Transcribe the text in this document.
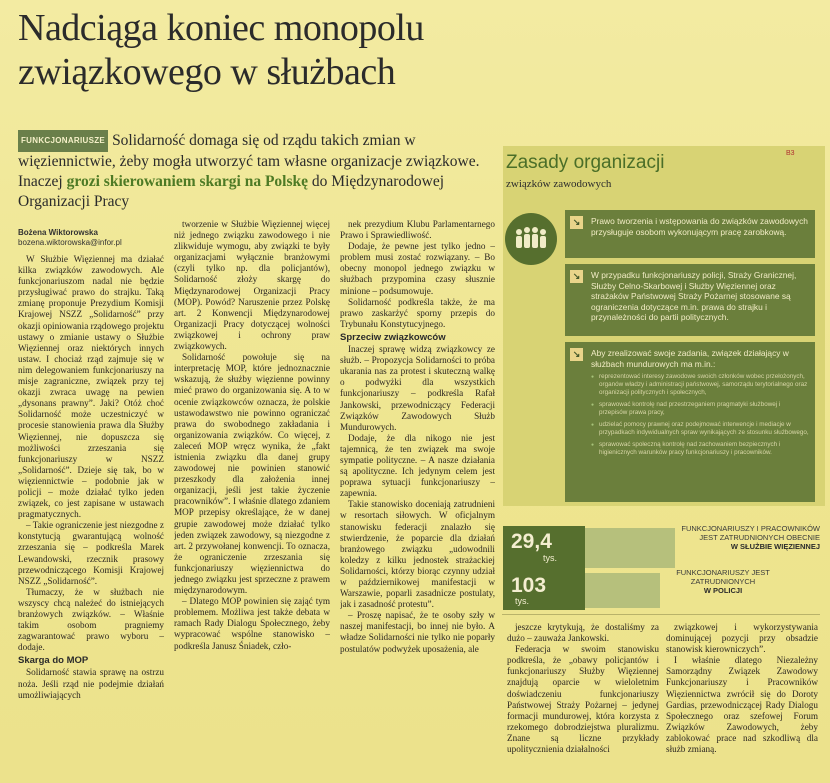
Nadciąga koniec monopolu

związkowego w służbach
FUNKCJONARIUSZE Solidarność domaga się od rządu takich zmian w więziennictwie, żeby mogła utworzyć tam własne organizacje związkowe. Inaczej grozi skierowaniem skargi na Polskę do Międzynarodowej Organizacji Pracy
Bożena Wiktorowska
bozena.wiktorowska@infor.pl

W Służbie Więziennej ma działać kilka związków zawodowych. Ale funkcjonariuszom nadal nie będzie przysługiwać prawo do strajku. Taką zmianę proponuje Prezydium Komisji Krajowej NSZZ „Solidarność” przy okazji opiniowania rządowego projektu ustawy o zmianie ustawy o Służbie Więziennej oraz niektórych innych ustaw. I chociaż rząd zajmuje się w nim delegowaniem funkcjonariuszy na misje zagraniczne, związek przy tej okazji zwraca uwagę na pewien „dysonans prawny”. Jaki? Otóż choć Solidarność może uczestniczyć w procesie stanowienia prawa dla Służby Więziennej, nie dopuszcza się możliwości zrzeszania się funkcjonariuszy w NSZZ „Solidarność”. Dzieje się tak, bo w więziennictwie – podobnie jak w policji – może działać tylko jeden związek, co jest zapisane w ustawach pragmatycznych.

– Takie ograniczenie jest niezgodne z konstytucją gwarantującą wolność zrzeszania się – podkreśla Marek Lewandowski, rzecznik prasowy przewodniczącego Komisji Krajowej NSZZ „Solidarność”.

Tłumaczy, że w służbach nie wszyscy chcą należeć do istniejących branżowych związków. – Właśnie takim osobom pragniemy zagwarantować prawo wyboru – dodaje.

Skarga do MOP

Solidarność stawia sprawę na ostrzu noża. Jeśli rząd nie podejmie działań umożliwiających

tworzenie w Służbie Więziennej więcej niż jednego związku zawodowego i nie zlikwiduje wymogu, aby związki te były organizacjami wyłącznie branżowymi (czyli tylko np. dla policjantów), Solidarność złoży skargę do Międzynarodowej Organizacji Pracy (MOP). Powód? Naruszenie przez Polskę art. 2 Konwencji Międzynarodowej Organizacji Pracy dotyczącej wolności związkowej i ochrony praw związkowych.

Solidarność powołuje się na interpretację MOP, które jednoznacznie wskazują, że służby więzienne powinny mieć prawo do organizowania się. A to w ocenie związkowców oznacza, że polskie ustawodawstwo nie powinno ograniczać prawa do swobodnego zakładania i organizowania związków. Co więcej, z zaleceń MOP wręcz wynika, że „fakt istnienia związku dla danej grupy zawodowej nie powinien stanowić przeszkody dla założenia innej organizacji, jeśli jest takie życzenie pracowników”. I właśnie dlatego zdaniem MOP przepisy określające, że w danej grupie zawodowej może działać tylko jeden związek zawodowy, są niezgodne z art. 2 przywołanej konwencji. To oznacza, że ograniczenie zrzeszania się funkcjonariuszy więziennictwa do jednego związku jest sprzeczne z prawem międzynarodowym.

– Dlatego MOP powinien się zająć tym problemem. Możliwa jest także debata w ramach Rady Dialogu Społecznego, żeby wypracować wspólne stanowisko – podkreśla Janusz Śniadek, czło-

nek prezydium Klubu Parlamentarnego Prawo i Sprawiedliwość.

Dodaje, że pewne jest tylko jedno – problem musi zostać rozwiązany. – Bo obecny monopol jednego związku w służbach przypomina czasy słusznie minione – podsumowuje.

Solidarność podkreśla także, że ma prawo zaskarżyć sporny przepis do Trybunału Konstytucyjnego.

Sprzeciw związkowców

Inaczej sprawę widzą związkowcy ze służb. – Propozycja Solidarności to próba ukarania nas za protest i skuteczną walkę o podwyżki dla wszystkich funkcjonariuszy – podkreśla Rafał Jankowski, przewodniczący Federacji Związków Zawodowych Służb Mundurowych.

Dodaje, że dla nikogo nie jest tajemnicą, że ten związek ma swoje sympatie polityczne. – A nasze działania są apolityczne. Ich jedynym celem jest poprawa sytuacji funkcjonariuszy – zapewnia.

Takie stanowisko doceniają zatrudnieni w resortach siłowych. W oficjalnym stanowisku federacji znalazło się stwierdzenie, że poparcie dla działań branżowego związku „udowodnili koledzy z kilku jednostek strażackiej Solidarności, którzy biorąc czynny udział w październikowej manifestacji w Warszawie, poparli zasadnicze postulaty, jak i zasadność protestu”.

– Proszę napisać, że te osoby szły w naszej manifestacji, bo innej nie było. A władze Solidarności nie tylko nie poparły postulatów podwyżek uposażenia, ale

B3
Zasady organizacji
związków zawodowych
↘	Prawo tworzenia i wstępowania do związków zawodowych przysługuje osobom wykonującym pracę zarobkową.
↘	W przypadku funkcjonariuszy policji, Straży Granicznej, Służby Celno-Skarbowej i Służby Więziennej oraz strażaków Państwowej Straży Pożarnej stosowane są ograniczenia dotyczące m.in. prawa do strajku i przynależności do partii politycznych.
↘	Aby zrealizować swoje zadania, związek działający w służbach mundurowych ma m.in.:
● reprezentować interesy zawodowe swoich członków wobec przełożonych, organów władzy i administracji państwowej, samorządu terytorialnego oraz organizacji politycznych i społecznych,
● sprawować kontrolę nad przestrzeganiem pragmatyki służbowej i przepisów prawa pracy,
● udzielać pomocy prawnej oraz podejmować interwencje i mediacje w przypadkach indywidualnych spraw wynikających ze stosunku służbowego,
● sprawować społeczną kontrolę nad zachowaniem bezpiecznych i higienicznych warunków pracy funkcjonariuszy i pracowników.
29,4
tys.
FUNKCJONARIUSZY I PRACOWNIKÓW JEST ZATRUDNIONYCH OBECNIE
W SŁUŻBIE WIĘZIENNEJ
103
tys.
FUNKCJONARIUSZY JEST ZATRUDNIONYCH
W POLICJI

jeszcze krytykują, że dostaliśmy za dużo – zauważa Jankowski.

Federacja w swoim stanowisku podkreśla, że „obawy policjantów i funkcjonariuszy Służby Więziennej znajdują oparcie w wieloletnim doświadczeniu funkcjonariuszy Państwowej Straży Pożarnej – jedynej formacji mundurowej, która korzysta z rzekomego dobrodziejstwa pluralizmu. Znane są liczne przykłady upolitycznienia działalności

związkowej i wykorzystywania dominującej pozycji przy obsadzie stanowisk kierowniczych”.

I właśnie dlatego Niezależny Samorządny Związek Zawodowy Funkcjonariuszy i Pracowników Więziennictwa zwrócił się do Doroty Gardias, przewodniczącej Rady Dialogu Społecznego oraz szefowej Forum Związków Zawodowych, żeby zablokować prace nad szkodliwą dla służb zmianą.
